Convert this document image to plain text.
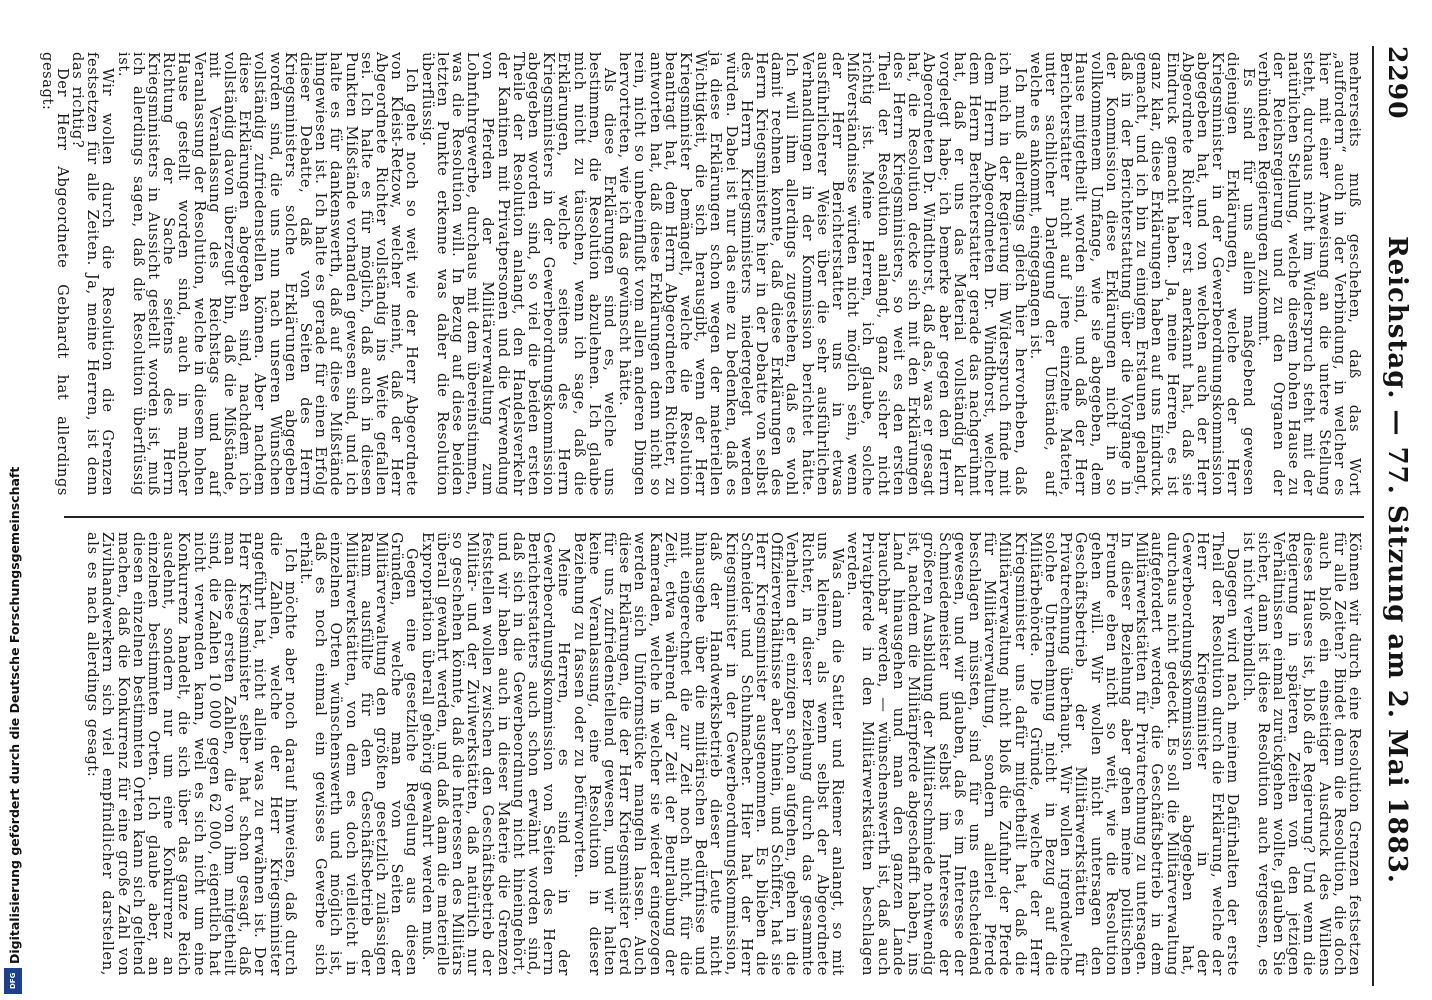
2290
Reichstag. — 77. Sitzung am 2. Mai 1883.

mehrerseits muß geschehen, daß das Wort „auffordern“ auch in der Verbindung, in welcher es hier mit einer Anweisung an die untere Stellung steht, durchaus nicht im Widerspruch steht mit der natürlichen Stellung, welche diesem hohen Hause zu der Reichsregierung und zu den Organen der verbündeten Regierungen zukommt.

Es sind für uns allein maßgebend gewesen diejenigen Erklärungen, welche der Herr Kriegsminister in der Gewerbeordnungskommission abgegeben hat, und von welchen auch der Herr Abgeordnete Richter erst anerkannt hat, daß sie Eindruck gemacht haben. Ja, meine Herren, es ist ganz klar, diese Erklärungen haben auf uns Eindruck gemacht, und ich bin zu einigem Erstaunen gelangt, daß in der Berichterstattung über die Vorgänge in der Kommission diese Erklärungen nicht in so vollkommenem Umfange, wie sie abgegeben, dem Hause mitgetheilt worden sind, und daß der Herr Berichterstatter nicht auf jene einzelne Materie, unter sachlicher Darlegung der Umstände, auf welche es ankommt, eingegangen ist.

Ich muß allerdings gleich hier hervorheben, daß ich mich in der Regierung im Widerspruch finde mit dem Herrn Abgeordneten Dr. Windthorst, welcher dem Herrn Berichterstatter gerade das nachgerühmt hat, daß er uns das Material vollständig klar vorgelegt habe; ich bemerke aber gegen den Herrn Abgeordneten Dr. Windthorst, daß das, was er gesagt hat, die Resolution decke sich mit den Erklärungen des Herrn Kriegsministers, so weit es den ersten Theil der Resolution anlangt, ganz sicher nicht richtig ist. Meine Herren, ich glaube, solche Mißverständnisse würden nicht möglich sein, wenn der Herr Berichterstatter uns in etwas ausführlicherer Weise über die sehr ausführlichen Verhandlungen in der Kommission berichtet hätte. Ich will ihm allerdings zugestehen, daß es wohl damit rechnen konnte, daß diese Erklärungen des Herrn Kriegsministers hier in der Debatte von selbst des Herrn Kriegsministers niedergelegt werden würden. Dabei ist nur das eine zu bedenken, daß es ja diese Erklärungen schon wegen der materiellen Wichtigkeit, die sich herausgibt, wenn der Herr Kriegsminister bemängelt, welche die Resolution beantragt hat, dem Herrn Abgeordneten Richter, zu antworten hat, daß diese Erklärungen denn nicht so rein, nicht so unbeeinflußt vom allen anderen Dingen hervortreten, wie ich das gewünscht hätte.

Als diese Erklärungen sind es, welche uns bestimmen, die Resolution abzulehnen. Ich glaube mich nicht zu täuschen, wenn ich sage, daß die Erklärungen, welche seitens des Herrn Kriegsministers in der Gewerbeordnungskommission abgegeben worden sind, so viel die beiden ersten Theile der Resolution anlangt, den Handelsverkehr der Kantinen mit Privatpersonen und die Verwendung von Pferden der Militärverwaltung zum Lohnfuhrgewerbe, durchaus mit dem übereinstimmen, was die Resolution will. In Bezug auf diese beiden letzten Punkte erkenne was daher die Resolution überflüssig.

Ich gehe noch so weit wie der Herr Abgeordnete von Kleist-Retzow, welcher meint, daß der Herr Abgeordnete Richter vollständig ins Weite gefallen sei. Ich halte es für möglich, daß auch in diesen Punkten Mißstände vorhanden gewesen sind, und ich halte es für dankenswerth, daß auf diese Mißstände hingewiesen ist. Ich halte es gerade für einen Erfolg dieser Debatte, daß von Seiten des Herrn Kriegsministers solche Erklärungen abgegeben worden sind, die uns nun nach unseren Wünschen vollständig zufriedenstellen können. Aber nachdem diese Erklärungen abgegeben sind, nachdem ich vollständig davon überzeugt bin, daß die Mißstände, mit Veranlassung des Reichstags und auf Veranlassung der Resolution, welche in diesem hohen Hause gestellt worden sind, auch in mancher Richtung der Sache seitens des Herrn Kriegsministers in Aussicht gestellt worden ist, muß ich allerdings sagen, daß die Resolution überflüssig ist.

Wir wollen durch die Resolution die Grenzen festsetzen für alle Zeiten. Ja, meine Herren, ist denn das richtig?

Der Herr Abgeordnete Gebhardt hat allerdings gesagt:

Können wir durch eine Resolution Grenzen festsetzen für alle Zeiten? Bindet denn die Resolution, die doch auch bloß ein einseitiger Ausdruck des Willens dieses Hauses ist, bloß die Regierung? Und wenn die Regierung in späteren Zeiten von den jetzigen Verhältnissen einmal zurückgehen wollte, glauben Sie sicher, dann ist diese Resolution auch vergessen, es ist nicht verbindlich.

Dagegen wird nach meinem Dafürhalten der erste Theil der Resolution durch die Erklärung, welche der Herr Kriegsminister in der Gewerbeordnungskommission abgegeben hat, durchaus nicht gedeckt. Es soll die Militärverwaltung aufgefordert werden, die Geschäftsbetrieb in dem Militärwerkstätten für Privatrechnung zu untersagen. In dieser Beziehung aber gehen meine politischen Freunde eben nicht so weit, wie die Resolution gehen will. Wir wollen nicht untersagen den Geschäftsbetrieb der Militärwerkstätten für Privatrechnung überhaupt. Wir wollen irgendwelche solche Unternehmung nicht in Bezug auf die Militärbehörde. Die Gründe, welche der Herr Kriegsminister uns dafür mitgetheilt hat, daß die Militärverwaltung nicht bloß die Zufuhr der Pferde für Militärverwaltung, sondern allerlei Pferde beschlagen müssten, sind für uns entscheidend gewesen, und wir glauben, daß es im Interesse der Schmiedemeister und selbst im Interesse der größeren Ausbildung der Militärschmiede nothwendig ist, nachdem die Militärpferde abgeschafft haben, ins Land hinausgehen und man den ganzen Lande brauchbar werden, — wünschenswerth ist, daß auch Privatpferde in den Militärwerkstätten beschlagen werden.

Was dann die Sattler und Riemer anlangt, so mit uns kleinen, als wenn selbst der Abgeordnete Richter, in dieser Beziehung durch das gesammte Verhalten der einzigen schon aufgehen, gehen in die Offizierverhältnisse aber hinein, und Schiffer, hat sie Herr Kriegsminister ausgenommen. Es blieben die Schneider und Schuhmacher. Hier hat der Herr Kriegsminister in der Gewerbeordnungskommission, daß der Handwerksbetrieb dieser Leute nicht hinausgehe über die militärischen Bedürfnisse und mit eingerechnet die zur Zeit noch nicht, für die Zeit, etwa während der Zeit der Beurlaubung der Kameraden, welche in welcher sie wieder eingezogen werden sich Uniformstücke mangeln lassen. Auch diese Erklärungen, die der Herr Kriegsminister Gerd für uns zufriedenstellend gewesen, und wir halten keine Veranlassung, eine Resolution in dieser Beziehung zu fassen oder zu befürworten.

Meine Herren, es sind in der Gewerbeordnungskommission von Seiten des Herrn Berichterstatters auch schon erwähnt worden sind, daß sich in die Gewerbeordnung nicht hineingehört, und wir haben auch in dieser Materie die Grenzen feststellen wollen zwischen den Geschäftsbetrieb der Militär- und der Zivilwerkstätten, daß natürlich nur so geschehen könnte, daß die Interessen des Militärs überall gewahrt werden, und daß dann die materielle Expropriation überall gehörig gewahrt werden muß.

Gegen eine gesetzliche Regelung aus diesen Gründen, welche man von Seiten der Militärverwaltung den größten gesetzlich zulässigen Raum ausfüllte für den Geschäftsbetrieb der Militärwerkstätten, von dem es doch vielleicht in einzelnen Orten wünschenswerth und möglich ist, daß es noch einmal ein gewisses Gewerbe sich erhält.

Ich möchte aber noch darauf hinweisen, daß durch die Zahlen, welche der Herr Kriegsminister angeführt hat, nicht allein was zu erwähnen ist. Der Herr Kriegsminister selber hat schon gesagt, daß man diese ersten Zahlen, die von ihm mitgetheilt sind, die Zahlen 10 000 gegen 62 000, eigentlich hat nicht verwenden kann, weil es sich nicht um eine Konkurrenz handelt, die sich über das ganze Reich ausdehnt, sondern nur um eine Konkurrenz an einzelnen bestimmten Orten. Ich glaube aber, an diesen einzelnen bestimmten Orten kann sich geltend machen, daß die Konkurrenz für eine große Zahl von Zivilhandwerkern sich viel empfindlicher darstellen, als es nach allerdings gesagt:

Digitalisierung gefördert durch die Deutsche Forschungsgemeinschaft
DFG
